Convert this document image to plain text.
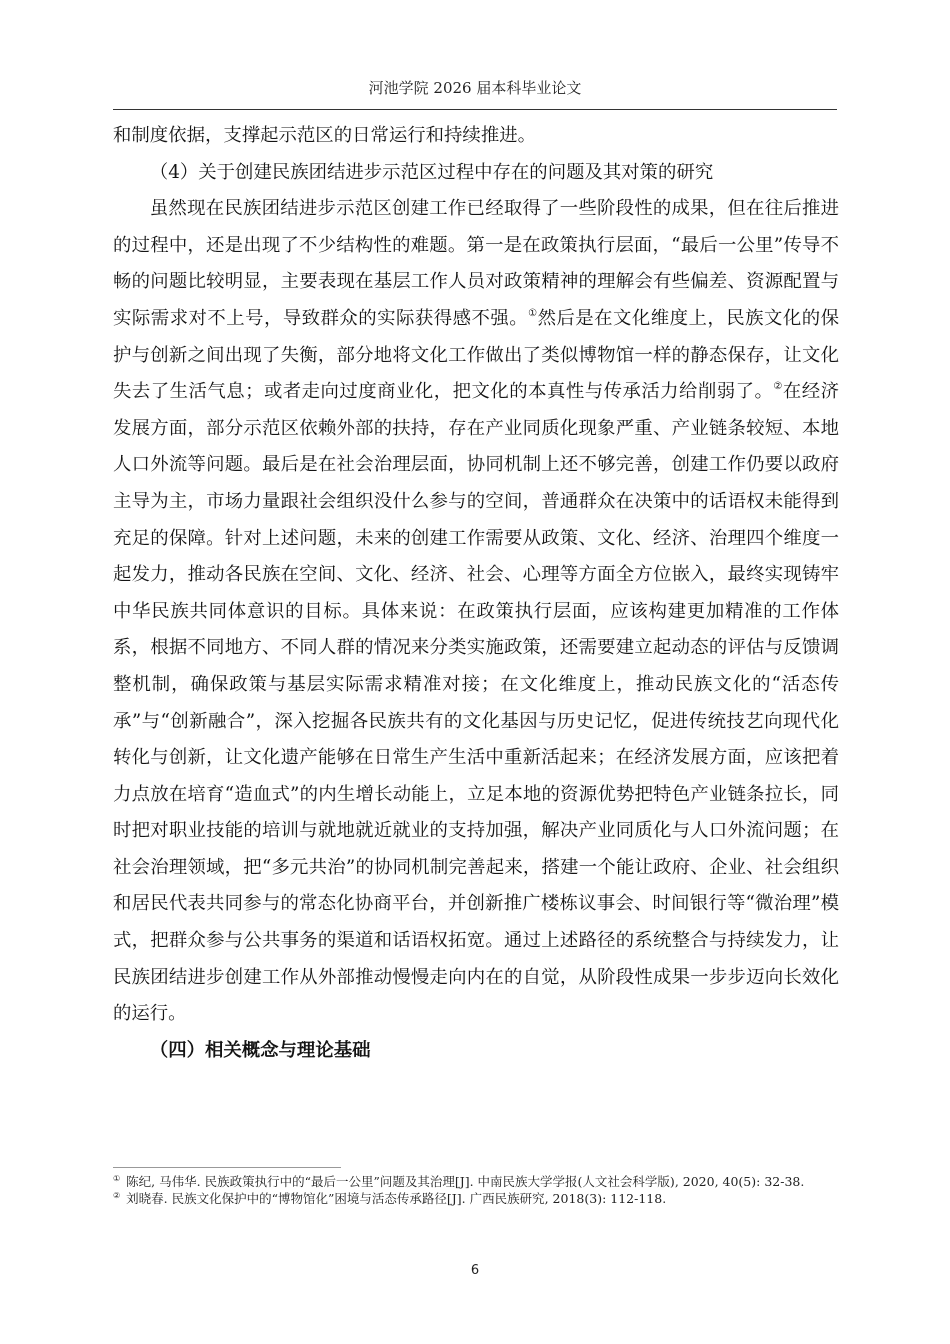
河池学院 2026 届本科毕业论文

和制度依据，支撑起示范区的日常运行和持续推进。

（4）关于创建民族团结进步示范区过程中存在的问题及其对策的研究

虽然现在民族团结进步示范区创建工作已经取得了一些阶段性的成果，但在往后推进的过程中，还是出现了不少结构性的难题。第一是在政策执行层面，“最后一公里”传导不畅的问题比较明显，主要表现在基层工作人员对政策精神的理解会有些偏差、资源配置与实际需求对不上号，导致群众的实际获得感不强。①然后是在文化维度上，民族文化的保护与创新之间出现了失衡，部分地将文化工作做出了类似博物馆一样的静态保存，让文化失去了生活气息；或者走向过度商业化，把文化的本真性与传承活力给削弱了。②在经济发展方面，部分示范区依赖外部的扶持，存在产业同质化现象严重、产业链条较短、本地人口外流等问题。最后是在社会治理层面，协同机制上还不够完善，创建工作仍要以政府主导为主，市场力量跟社会组织没什么参与的空间，普通群众在决策中的话语权未能得到充足的保障。针对上述问题，未来的创建工作需要从政策、文化、经济、治理四个维度一起发力，推动各民族在空间、文化、经济、社会、心理等方面全方位嵌入，最终实现铸牢中华民族共同体意识的目标。具体来说：在政策执行层面，应该构建更加精准的工作体系，根据不同地方、不同人群的情况来分类实施政策，还需要建立起动态的评估与反馈调整机制，确保政策与基层实际需求精准对接；在文化维度上，推动民族文化的“活态传承”与“创新融合”，深入挖掘各民族共有的文化基因与历史记忆，促进传统技艺向现代化转化与创新，让文化遗产能够在日常生产生活中重新活起来；在经济发展方面，应该把着力点放在培育“造血式”的内生增长动能上，立足本地的资源优势把特色产业链条拉长，同时把对职业技能的培训与就地就近就业的支持加强，解决产业同质化与人口外流问题；在社会治理领域，把“多元共治”的协同机制完善起来，搭建一个能让政府、企业、社会组织和居民代表共同参与的常态化协商平台，并创新推广楼栋议事会、时间银行等“微治理”模式，把群众参与公共事务的渠道和话语权拓宽。通过上述路径的系统整合与持续发力，让民族团结进步创建工作从外部推动慢慢走向内在的自觉，从阶段性成果一步步迈向长效化的运行。

（四）相关概念与理论基础

① 陈纪, 马伟华. 民族政策执行中的“最后一公里”问题及其治理[J]. 中南民族大学学报(人文社会科学版), 2020, 40(5): 32-38.

② 刘晓春. 民族文化保护中的“博物馆化”困境与活态传承路径[J]. 广西民族研究, 2018(3): 112-118.

6
